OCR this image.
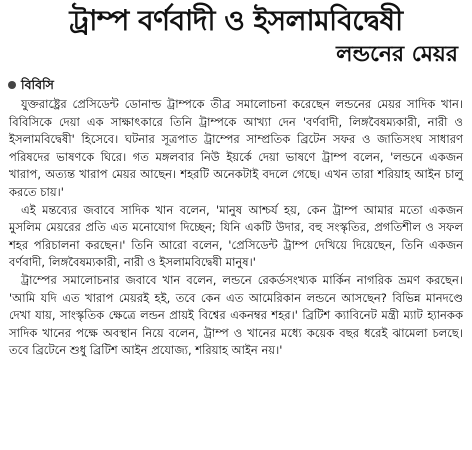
ট্রাম্প বর্ণবাদী ও ইসলামবিদ্বেষী
লন্ডনের মেয়র
বিবিসি

যুক্তরাষ্ট্রের প্রেসিডেন্ট ডোনাল্ড ট্রাম্পকে তীব্র সমালোচনা করেছেন লন্ডনের মেয়র সাদিক খান। বিবিসিকে দেয়া এক সাক্ষাৎকারে তিনি ট্রাম্পকে আখ্যা দেন 'বর্ণবাদী, লিঙ্গবৈষম্যকারী, নারী ও ইসলামবিদ্বেষী' হিসেবে। ঘটনার সূত্রপাত ট্রাম্পের সাম্প্রতিক ব্রিটেন সফর ও জাতিসংঘ সাধারণ পরিষদের ভাষণকে ঘিরে। গত মঙ্গলবার নিউ ইয়র্কে দেয়া ভাষণে ট্রাম্প বলেন, 'লন্ডনে একজন খারাপ, অত্যন্ত খারাপ মেয়র আছেন। শহরটি অনেকটাই বদলে গেছে। এখন তারা শরিয়াহ আইন চালু করতে চায়।'

এই মন্তব্যের জবাবে সাদিক খান বলেন, 'মানুষ আশ্চর্য হয়, কেন ট্রাম্প আমার মতো একজন মুসলিম মেয়রের প্রতি এত মনোযোগ দিচ্ছেন; যিনি একটি উদার, বহু সংস্কৃতির, প্রগতিশীল ও সফল শহর পরিচালনা করছেন।' তিনি আরো বলেন, 'প্রেসিডেন্ট ট্রাম্প দেখিয়ে দিয়েছেন, তিনি একজন বর্ণবাদী, লিঙ্গবৈষম্যকারী, নারী ও ইসলামবিদ্বেষী মানুষ।'

ট্রাম্পের সমালোচনার জবাবে খান বলেন, লন্ডনে রেকর্ডসংখ্যক মার্কিন নাগরিক ভ্রমণ করছেন। 'আমি যদি এত খারাপ মেয়রই হই, তবে কেন এত আমেরিকান লন্ডনে আসছেন? বিভিন্ন মানদণ্ডে দেখা যায়, সাংস্কৃতিক ক্ষেত্রে লন্ডন প্রায়ই বিশ্বের একনম্বর শহর।' ব্রিটিশ ক্যাবিনেট মন্ত্রী ম্যাট হ্যানকক সাদিক খানের পক্ষে অবস্থান নিয়ে বলেন, ট্রাম্প ও খানের মধ্যে কয়েক বছর ধরেই ঝামেলা চলছে। তবে ব্রিটেনে শুধু ব্রিটিশ আইন প্রযোজ্য, শরিয়াহ আইন নয়।'
